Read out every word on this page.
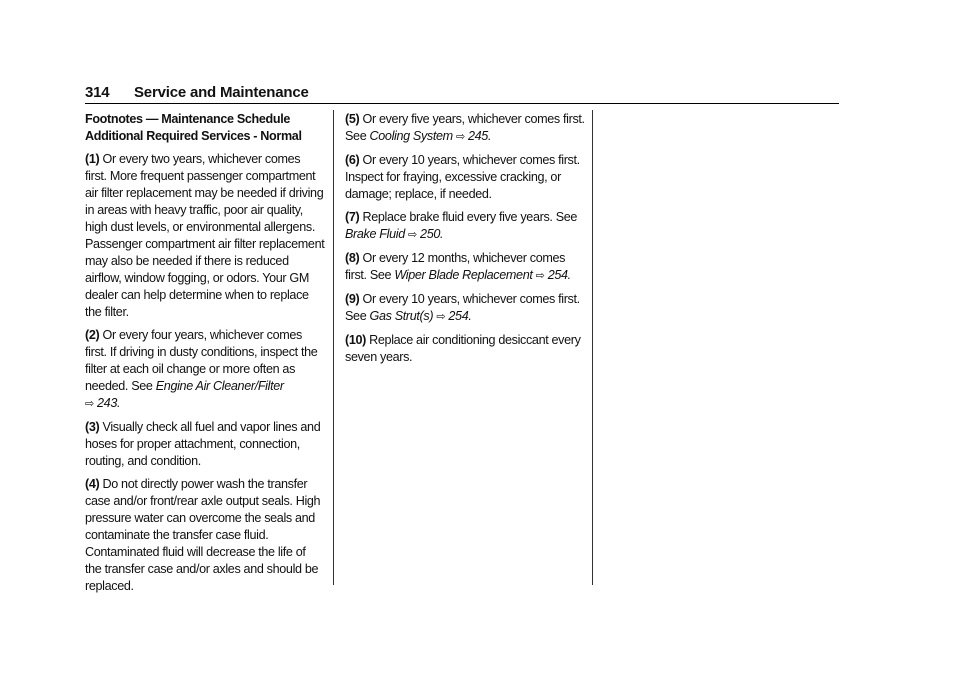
314 Service and Maintenance

Footnotes — Maintenance Schedule
Additional Required Services - Normal

(1) Or every two years, whichever comes first. More frequent passenger compartment air filter replacement may be needed if driving in areas with heavy traffic, poor air quality, high dust levels, or environmental allergens. Passenger compartment air filter replacement may also be needed if there is reduced airflow, window fogging, or odors. Your GM dealer can help determine when to replace the filter.

(2) Or every four years, whichever comes first. If driving in dusty conditions, inspect the filter at each oil change or more often as needed. See Engine Air Cleaner/Filter
⇨ 243.

(3) Visually check all fuel and vapor lines and hoses for proper attachment, connection, routing, and condition.

(4) Do not directly power wash the transfer case and/or front/rear axle output seals. High pressure water can overcome the seals and contaminate the transfer case fluid. Contaminated fluid will decrease the life of the transfer case and/or axles and should be replaced.

(5) Or every five years, whichever comes first. See Cooling System ⇨ 245.

(6) Or every 10 years, whichever comes first. Inspect for fraying, excessive cracking, or damage; replace, if needed.

(7) Replace brake fluid every five years. See
Brake Fluid ⇨ 250.

(8) Or every 12 months, whichever comes first. See Wiper Blade Replacement ⇨ 254.

(9) Or every 10 years, whichever comes first. See Gas Strut(s) ⇨ 254.

(10) Replace air conditioning desiccant every seven years.
